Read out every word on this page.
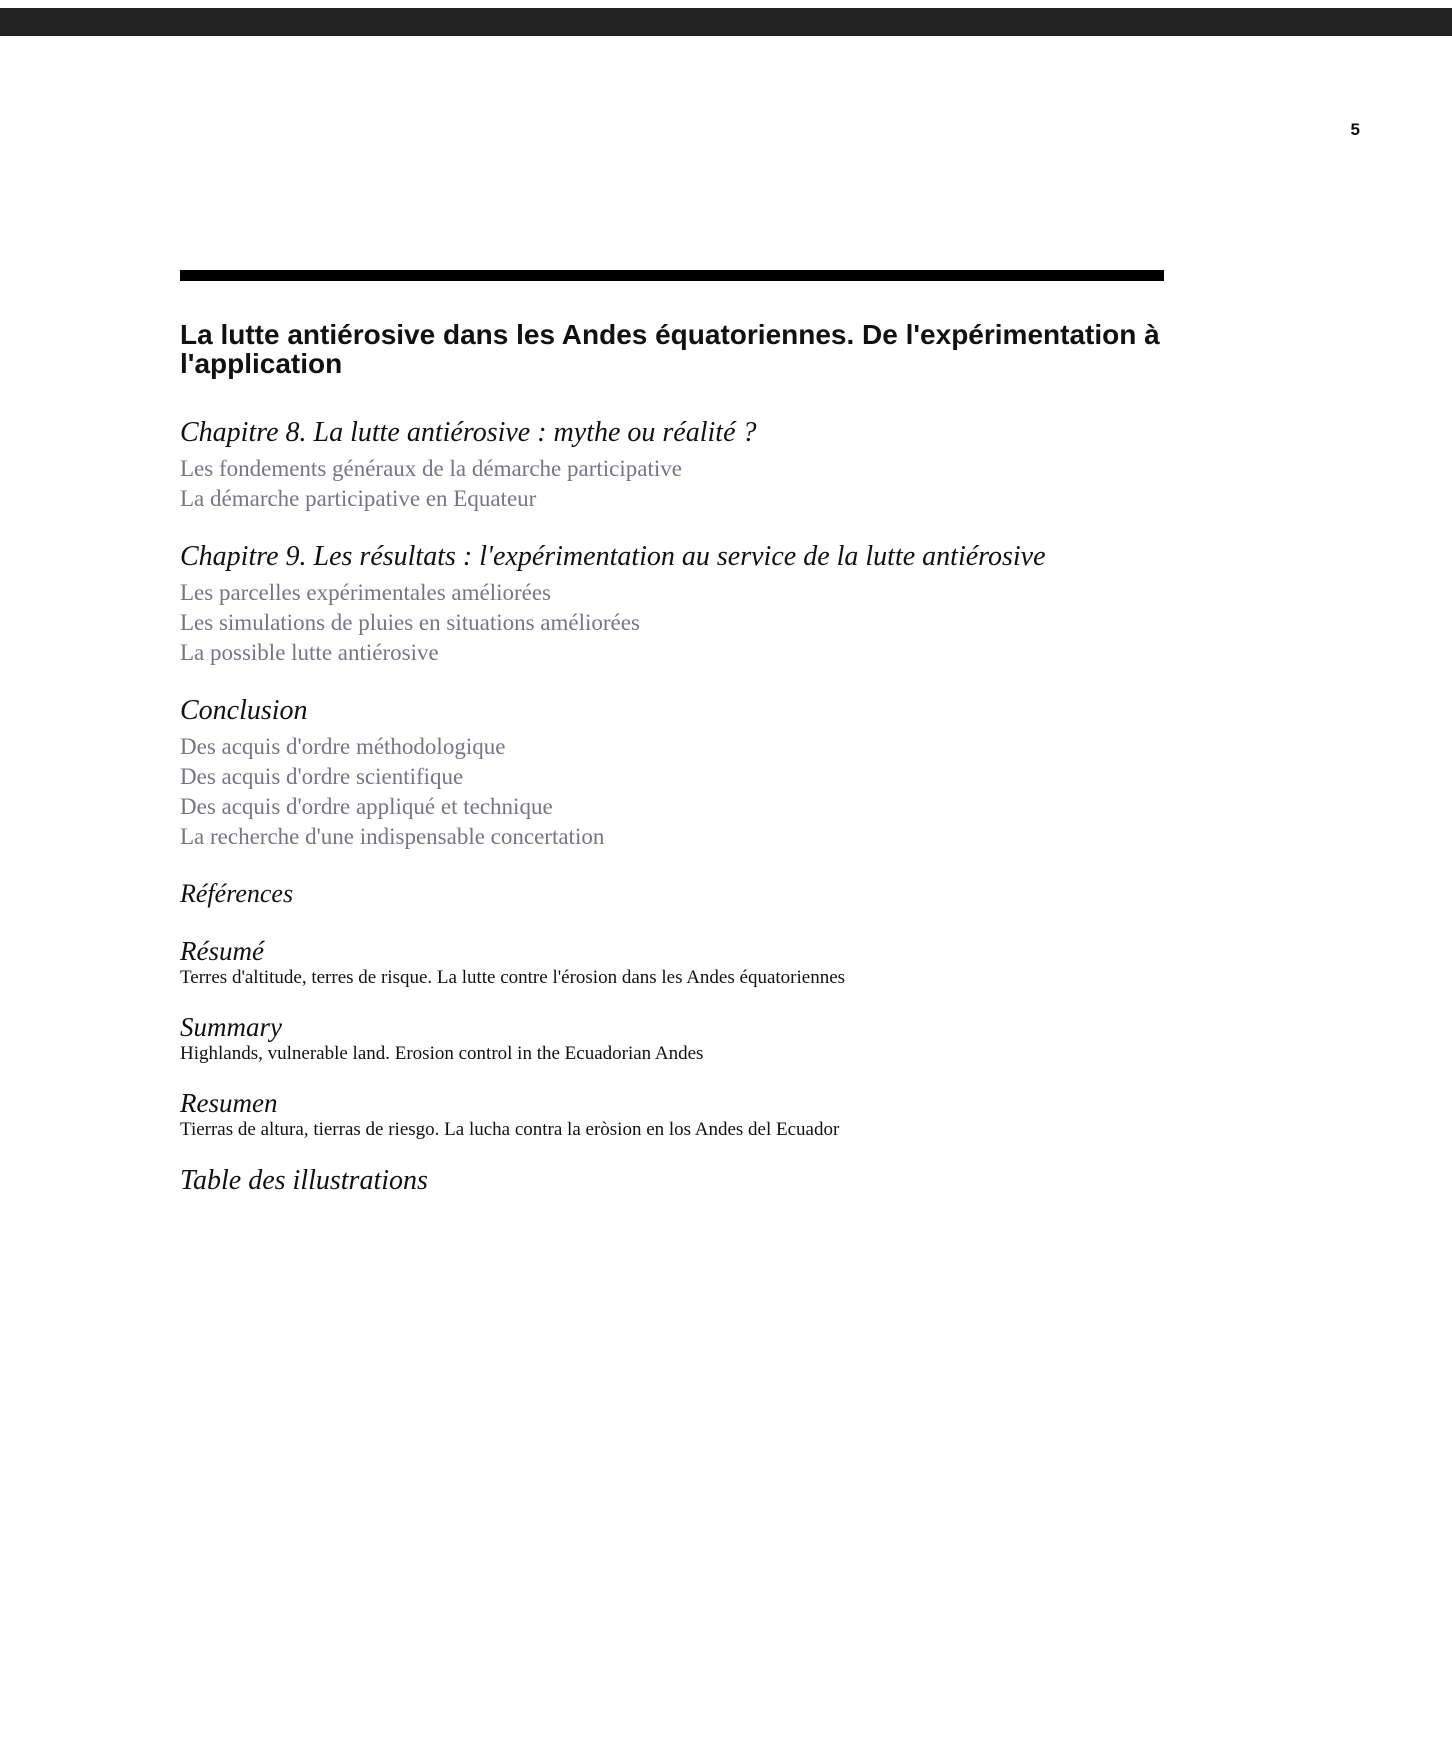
5
La lutte antiérosive dans les Andes équatoriennes. De l'expérimentation à l'application
Chapitre 8. La lutte antiérosive : mythe ou réalité ?
Les fondements généraux de la démarche participative
La démarche participative en Equateur
Chapitre 9. Les résultats : l'expérimentation au service de la lutte antiérosive
Les parcelles expérimentales améliorées
Les simulations de pluies en situations améliorées
La possible lutte antiérosive
Conclusion
Des acquis d'ordre méthodologique
Des acquis d'ordre scientifique
Des acquis d'ordre appliqué et technique
La recherche d'une indispensable concertation
Références
Résumé
Terres d'altitude, terres de risque. La lutte contre l'érosion dans les Andes équatoriennes
Summary
Highlands, vulnerable land. Erosion control in the Ecuadorian Andes
Resumen
Tierras de altura, tierras de riesgo. La lucha contra la eròsion en los Andes del Ecuador
Table des illustrations
